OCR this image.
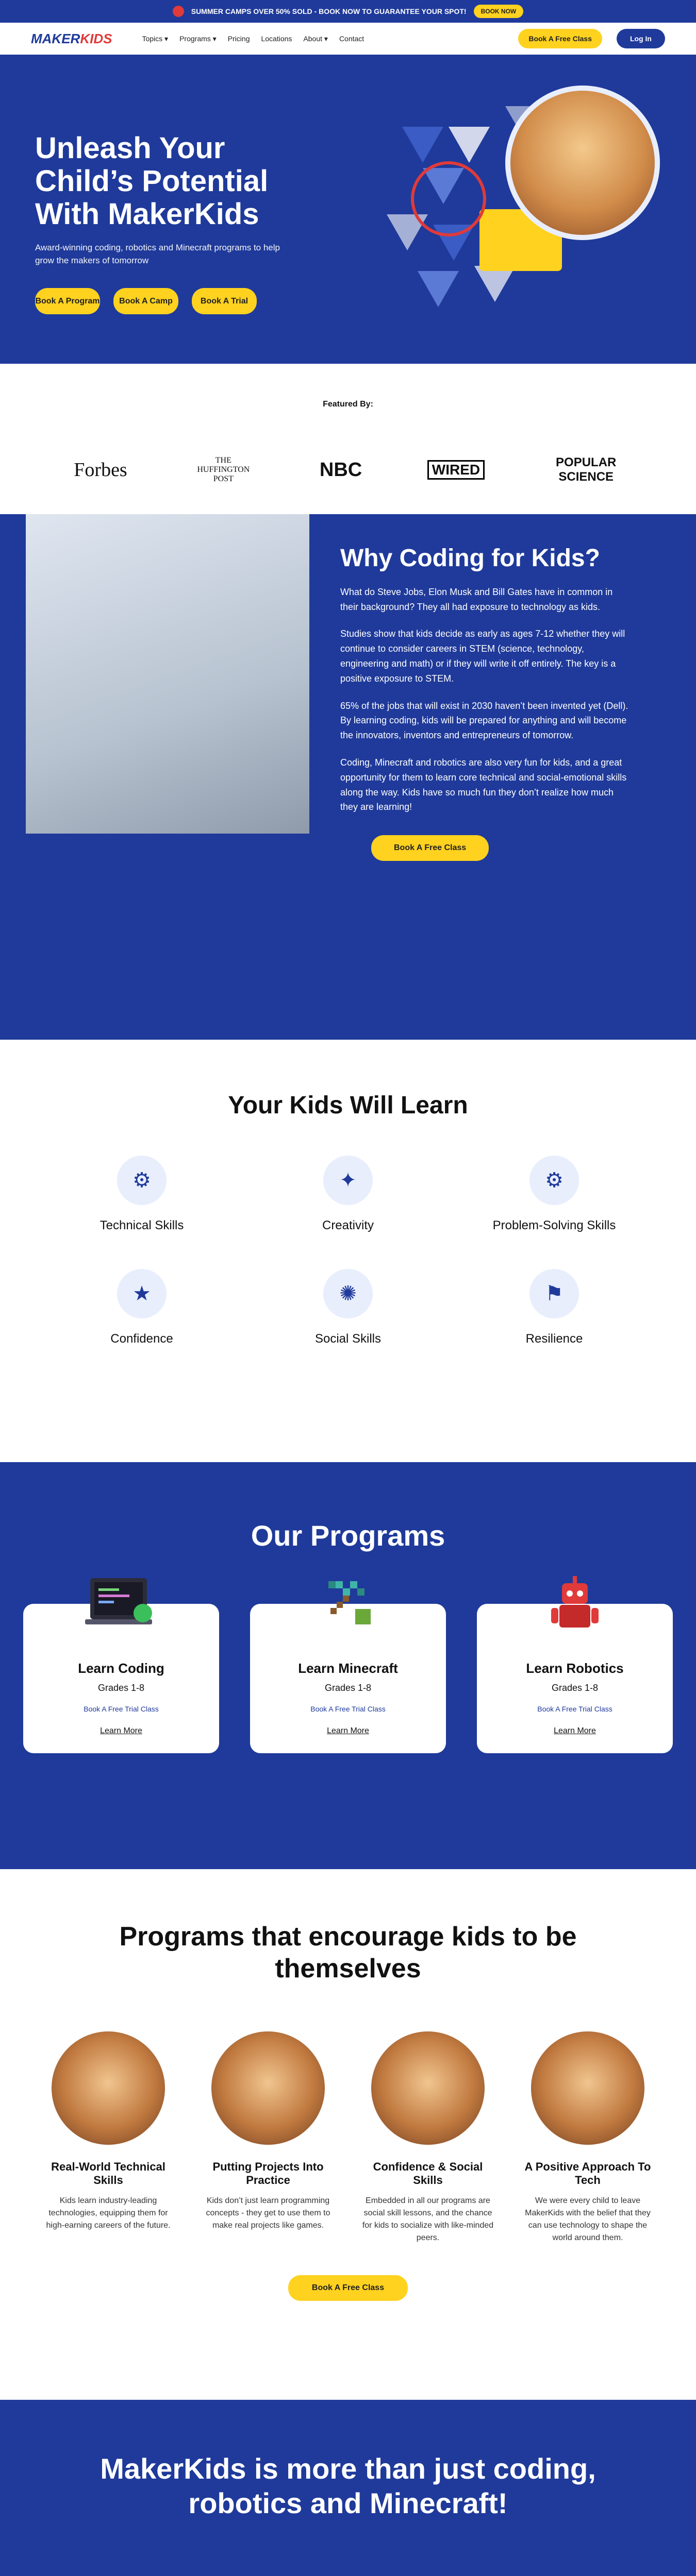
SUMMER CAMPS OVER 50% SOLD - BOOK NOW TO GUARANTEE YOUR SPOT!	BOOK NOW
MAKERKIDS	Topics ▾ Programs ▾ Pricing Locations About ▾ Contact	Book A Free Class	Log In
Unleash Your Child’s Potential With MakerKids

Award-winning coding, robotics and Minecraft programs to help grow the makers of tomorrow

Book A Program	Book A Camp	Book A Trial
Featured By:
Forbes	THE HUFFINGTON POST	NBC	WIRED	POPULAR SCIENCE
Why Coding for Kids?

What do Steve Jobs, Elon Musk and Bill Gates have in common in their background? They all had exposure to technology as kids.

Studies show that kids decide as early as ages 7-12 whether they will continue to consider careers in STEM (science, technology, engineering and math) or if they will write it off entirely. The key is a positive exposure to STEM.

65% of the jobs that will exist in 2030 haven’t been invented yet (Dell). By learning coding, kids will be prepared for anything and will become the innovators, inventors and entrepreneurs of tomorrow.

Coding, Minecraft and robotics are also very fun for kids, and a great opportunity for them to learn core technical and social-emotional skills along the way. Kids have so much fun they don’t realize how much they are learning!

Book A Free Class
Your Kids Will Learn
⚙
Technical Skills
✦
Creativity
⚙
Problem-Solving Skills
★
Confidence
✺
Social Skills
⚑
Resilience
Our Programs
Learn Coding
Grades 1-8
Book A Free Trial Class
Learn More
Learn Minecraft
Grades 1-8
Book A Free Trial Class
Learn More
Learn Robotics
Grades 1-8
Book A Free Trial Class
Learn More
Programs that encourage kids to be themselves
Real-World Technical Skills
Kids learn industry-leading technologies, equipping them for high-earning careers of the future.
Putting Projects Into Practice
Kids don’t just learn programming concepts - they get to use them to make real projects like games.
Confidence & Social Skills
Embedded in all our programs are social skill lessons, and the chance for kids to socialize with like-minded peers.
A Positive Approach To Tech
We were every child to leave MakerKids with the belief that they can use technology to shape the world around them.
Book A Free Class
MakerKids is more than just coding, robotics and Minecraft!
